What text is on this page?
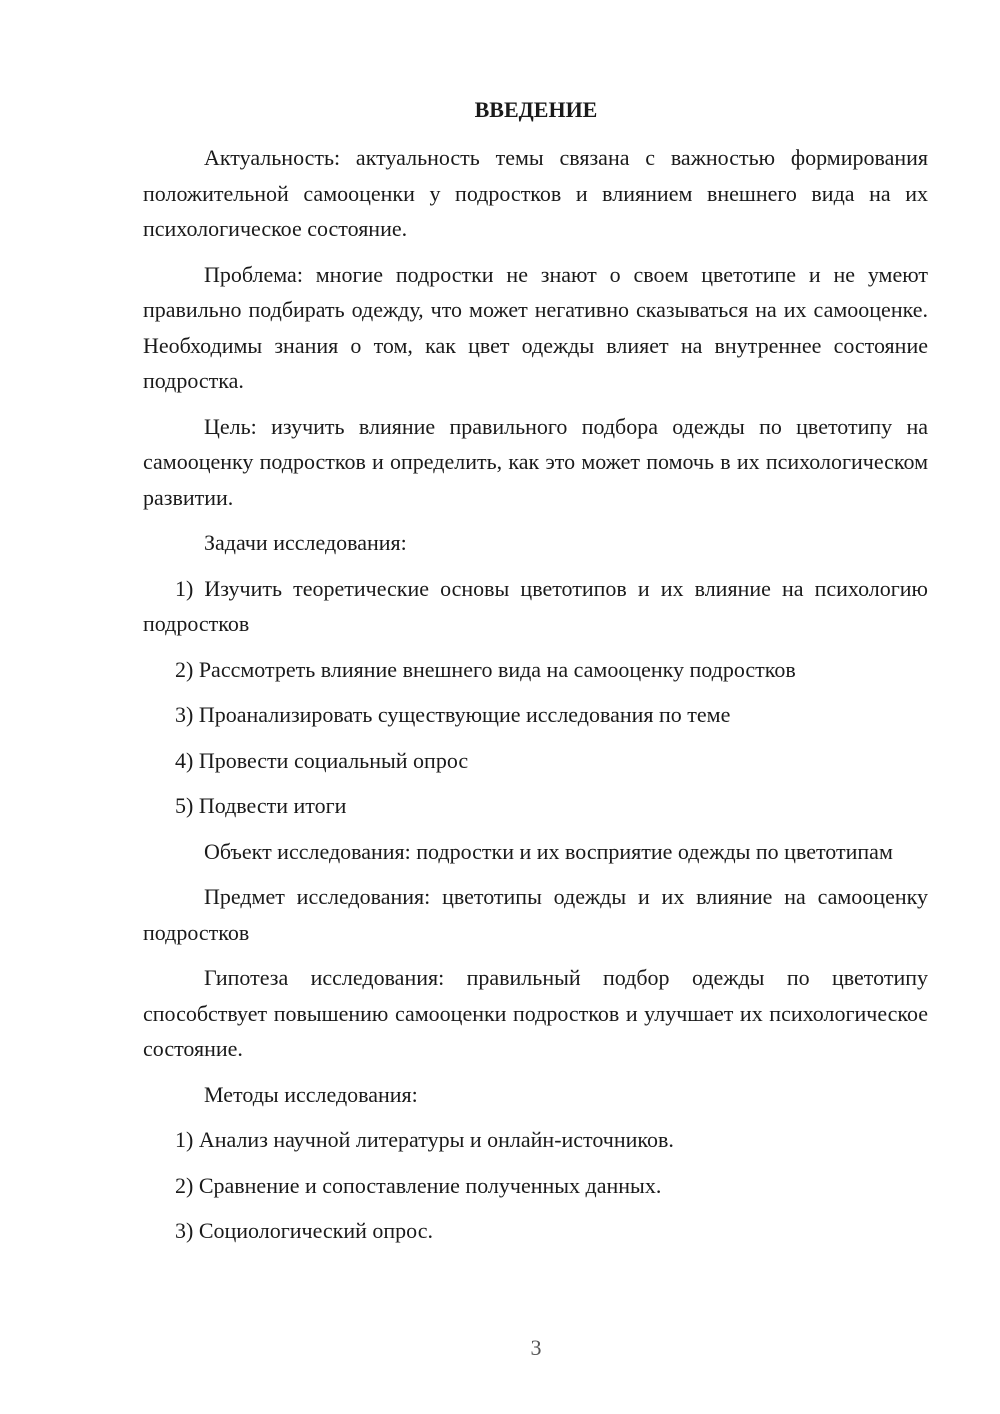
ВВЕДЕНИЕ

Актуальность: актуальность темы связана с важностью формирования положительной самооценки у подростков и влиянием внешнего вида на их психологическое состояние.

Проблема: многие подростки не знают о своем цветотипе и не умеют правильно подбирать одежду, что может негативно сказываться на их самооценке. Необходимы знания о том, как цвет одежды влияет на внутреннее состояние подростка.

Цель: изучить влияние правильного подбора одежды по цветотипу на самооценку подростков и определить, как это может помочь в их психологическом развитии.

Задачи исследования:

1) Изучить теоретические основы цветотипов и их влияние на психологию подростков

2) Рассмотреть влияние внешнего вида на самооценку подростков

3) Проанализировать существующие исследования по теме

4) Провести социальный опрос

5) Подвести итоги

Объект исследования: подростки и их восприятие одежды по цветотипам

Предмет исследования: цветотипы одежды и их влияние на самооценку подростков

Гипотеза исследования: правильный подбор одежды по цветотипу способствует повышению самооценки подростков и улучшает их психологическое состояние.

Методы исследования:

1) Анализ научной литературы и онлайн-источников.

2) Сравнение и сопоставление полученных данных.

3) Социологический опрос.

3
